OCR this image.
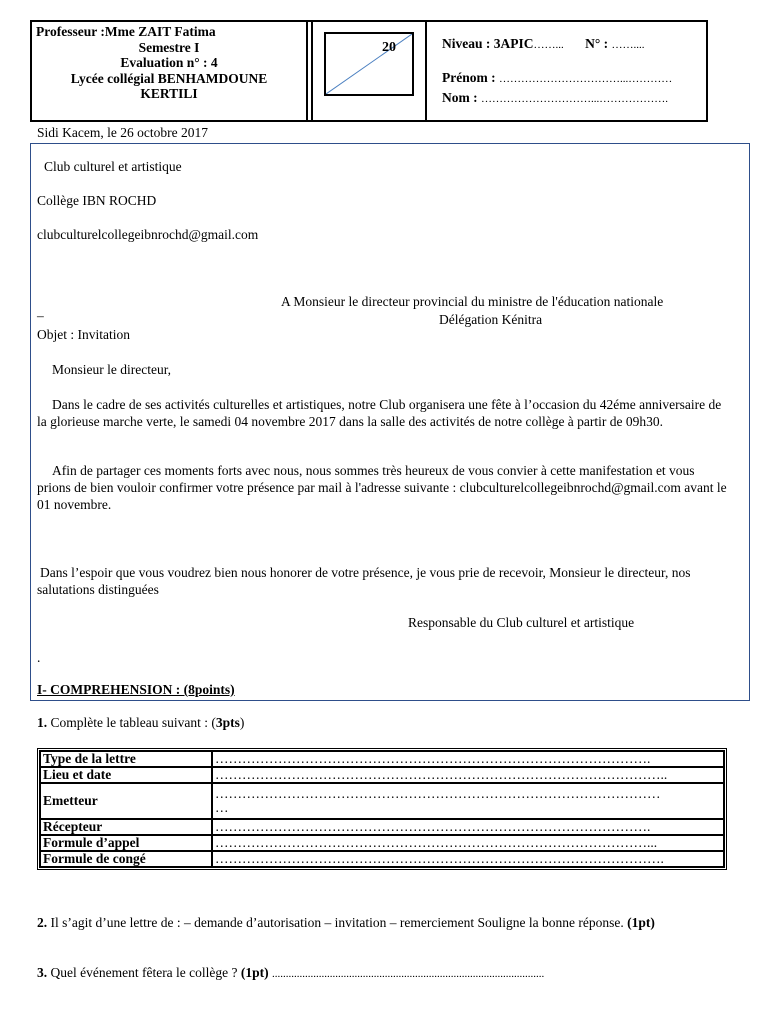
Professeur :Mme ZAIT Fatima
Semestre I
Evaluation n° : 4
Lycée collégial BENHAMDOUNE
KERTILI
20	Niveau : 3APIC……... N° : ……....
Prénom : ……………………………...…………
Nom : …………………………...……………….
Sidi Kacem, le 26 octobre 2017
Club culturel et artistique
Collège IBN ROCHD
clubculturelcollegeibnrochd@gmail.com
A Monsieur le directeur provincial du ministre de l'éducation nationale
–	Délégation Kénitra
Objet : Invitation
Monsieur le directeur,
Dans le cadre de ses activités culturelles et artistiques, notre Club organisera une fête à l’occasion du 42éme anniversaire de la glorieuse marche verte, le samedi 04 novembre 2017 dans la salle des activités de notre collège à partir de 09h30.
Afin de partager ces moments forts avec nous, nous sommes très heureux de vous convier à cette manifestation et vous prions de bien vouloir confirmer votre présence par mail à l'adresse suivante : clubculturelcollegeibnrochd@gmail.com avant le 01 novembre.
Dans l’espoir que vous voudrez bien nous honorer de votre présence, je vous prie de recevoir, Monsieur le directeur, nos salutations distinguées
Responsable du Club culturel et artistique
.
I- COMPREHENSION : (8points)
1. Complète le tableau suivant : (3pts)
Type de la lettre	…………………………………………………………………………………….
Lieu et date	………………………………………………………………………………………..
Emetteur	………………………………………………………………………………………
…

Récepteur	…………………………………………………………………………………….
Formule d’appel	……………………………………………………………………………………...
Formule de congé	……………………………………………………………………………………….
2. Il s’agit d’une lettre de : – demande d’autorisation – invitation – remerciement Souligne la bonne réponse. (1pt)
3. Quel événement fêtera le collège ? (1pt) ...................................................................................................
